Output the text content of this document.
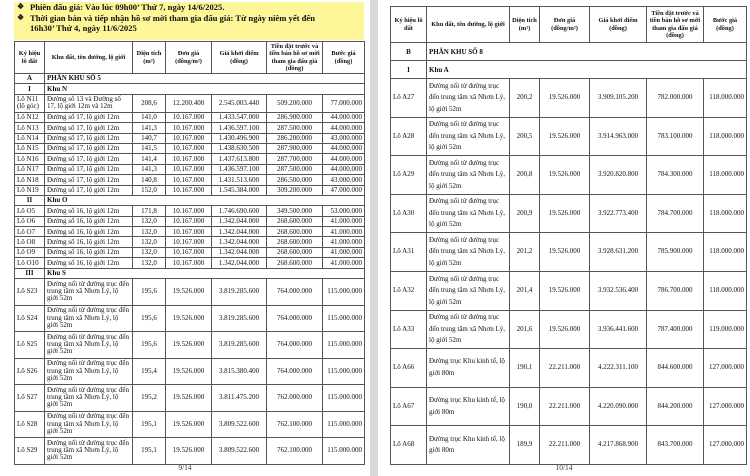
❖ Phiên đấu giá: Vào lúc 09h00’ Thứ 7, ngày 14/6/2025.
❖ Thời gian bán và tiếp nhận hồ sơ mời tham gia đấu giá: Từ ngày niêm yết đến
16h30’ Thứ 4, ngày 11/6/2025
Ký hiệu lô đất	Khu đất, tên đường, lộ giới	Diện tích (m²)	Đơn giá (đồng/m²)	Giá khởi điểm (đồng)	Tiền đặt trước và tiền bán hồ sơ mời tham gia đấu giá (đồng)	Bước giá (đồng)
A	PHÂN KHU SỐ 5					
I	Khu N					
Lô N11 (lô góc)	Đường số 13 và Đường số 17, lộ giới 12m và 12m	208,6	12.200.400	2.545.003.440	509.200.000	77.000.000
Lô N12	Đường số 17, lộ giới 12m	141,0	10.167.000	1.433.547.000	286.900.000	44.000.000
Lô N13	Đường số 17, lộ giới 12m	141,3	10.167.000	1.436.597.100	287.500.000	44.000.000
Lô N14	Đường số 17, lộ giới 12m	140,7	10.167.000	1.430.496.900	286.200.000	43.000.000
Lô N15	Đường số 17, lộ giới 12m	141,5	10.167.000	1.438.630.500	287.900.000	44.000.000
Lô N16	Đường số 17, lộ giới 12m	141,4	10.167.000	1.437.613.800	287.700.000	44.000.000
Lô N17	Đường số 17, lộ giới 12m	141,3	10.167.000	1.436.597.100	287.500.000	44.000.000
Lô N18	Đường số 17, lộ giới 12m	140,8	10.167.000	1.431.513.600	286.500.000	43.000.000
Lô N19	Đường số 17, lộ giới 12m	152,0	10.167.000	1.545.384.000	309.200.000	47.000.000
II	Khu O					
Lô O5	Đường số 16, lộ giới 12m	171,8	10.167.000	1.746.690.600	349.500.000	53.000.000
Lô O6	Đường số 16, lộ giới 12m	132,0	10.167.000	1.342.044.000	268.600.000	41.000.000
Lô O7	Đường số 16, lộ giới 12m	132,0	10.167.000	1.342.044.000	268.600.000	41.000.000
Lô O8	Đường số 16, lộ giới 12m	132,0	10.167.000	1.342.044.000	268.600.000	41.000.000
Lô O9	Đường số 16, lộ giới 12m	132,0	10.167.000	1.342.044.000	268.600.000	41.000.000
Lô O10	Đường số 16, lộ giới 12m	132,0	10.167.000	1.342.044.000	268.600.000	41.000.000
III	Khu S					
Lô S23	Đường nối từ đường trục đến trung tâm xã Nhơn Lý, lộ giới 52m	195,6	19.526.000	3.819.285.600	764.000.000	115.000.000
Lô S24	Đường nối từ đường trục đến trung tâm xã Nhơn Lý, lộ giới 52m	195,6	19.526.000	3.819.285.600	764.000.000	115.000.000
Lô S25	Đường nối từ đường trục đến trung tâm xã Nhơn Lý, lộ giới 52m	195,6	19.526.000	3.819.285.600	764.000.000	115.000.000
Lô S26	Đường nối từ đường trục đến trung tâm xã Nhơn Lý, lộ giới 52m	195,4	19.526.000	3.815.380.400	764.000.000	115.000.000
Lô S27	Đường nối từ đường trục đến trung tâm xã Nhơn Lý, lộ giới 52m	195,2	19.526.000	3.811.475.200	762.000.000	115.000.000
Lô S28	Đường nối từ đường trục đến trung tâm xã Nhơn Lý, lộ giới 52m	195,1	19.526.000	3.809.522.600	762.100.000	115.000.000
Lô S29	Đường nối từ đường trục đến trung tâm xã Nhơn Lý, lộ giới 52m	195,1	19.526.000	3.809.522.600	762.100.000	115.000.000
9/14
Ký hiệu lô đất	Khu đất, tên đường, lộ giới	Diện tích (m²)	Đơn giá (đồng/m²)	Giá khởi điểm (đồng)	Tiền đặt trước và tiền bán hồ sơ mời tham gia đấu giá (đồng)	Bước giá (đồng)
B	PHÂN KHU SỐ 8					
I	Khu A					
Lô A27	Đường nối từ đường trục đến trung tâm xã Nhơn Lý, lộ giới 52m	200,2	19.526.000	3.909.105.200	782.000.000	118.000.000
Lô A28	Đường nối từ đường trục đến trung tâm xã Nhơn Lý, lộ giới 52m	200,5	19.526.000	3.914.963.000	783.100.000	118.000.000
Lô A29	Đường nối từ đường trục đến trung tâm xã Nhơn Lý, lộ giới 52m	200,8	19.526.000	3.920.820.800	784.300.000	118.000.000
Lô A30	Đường nối từ đường trục đến trung tâm xã Nhơn Lý, lộ giới 52m	200,9	19.526.000	3.922.773.400	784.700.000	118.000.000
Lô A31	Đường nối từ đường trục đến trung tâm xã Nhơn Lý, lộ giới 52m	201,2	19.526.000	3.928.631.200	785.900.000	118.000.000
Lô A32	Đường nối từ đường trục đến trung tâm xã Nhơn Lý, lộ giới 52m	201,4	19.526.000	3.932.536.400	786.700.000	118.000.000
Lô A33	Đường nối từ đường trục đến trung tâm xã Nhơn Lý, lộ giới 52m	201,6	19.526.000	3.936.441.600	787.400.000	119.000.000
Lô A66	Đường trục Khu kinh tế, lộ giới 80m	190,1	22.211.000	4.222.311.100	844.600.000	127.000.000
Lô A67	Đường trục Khu kinh tế, lộ giới 80m	190,0	22.211.000	4.220.090.000	844.200.000	127.000.000
Lô A68	Đường trục Khu kinh tế, lộ giới 80m	189,9	22.211.000	4.217.868.900	843.700.000	127.000.000
10/14
